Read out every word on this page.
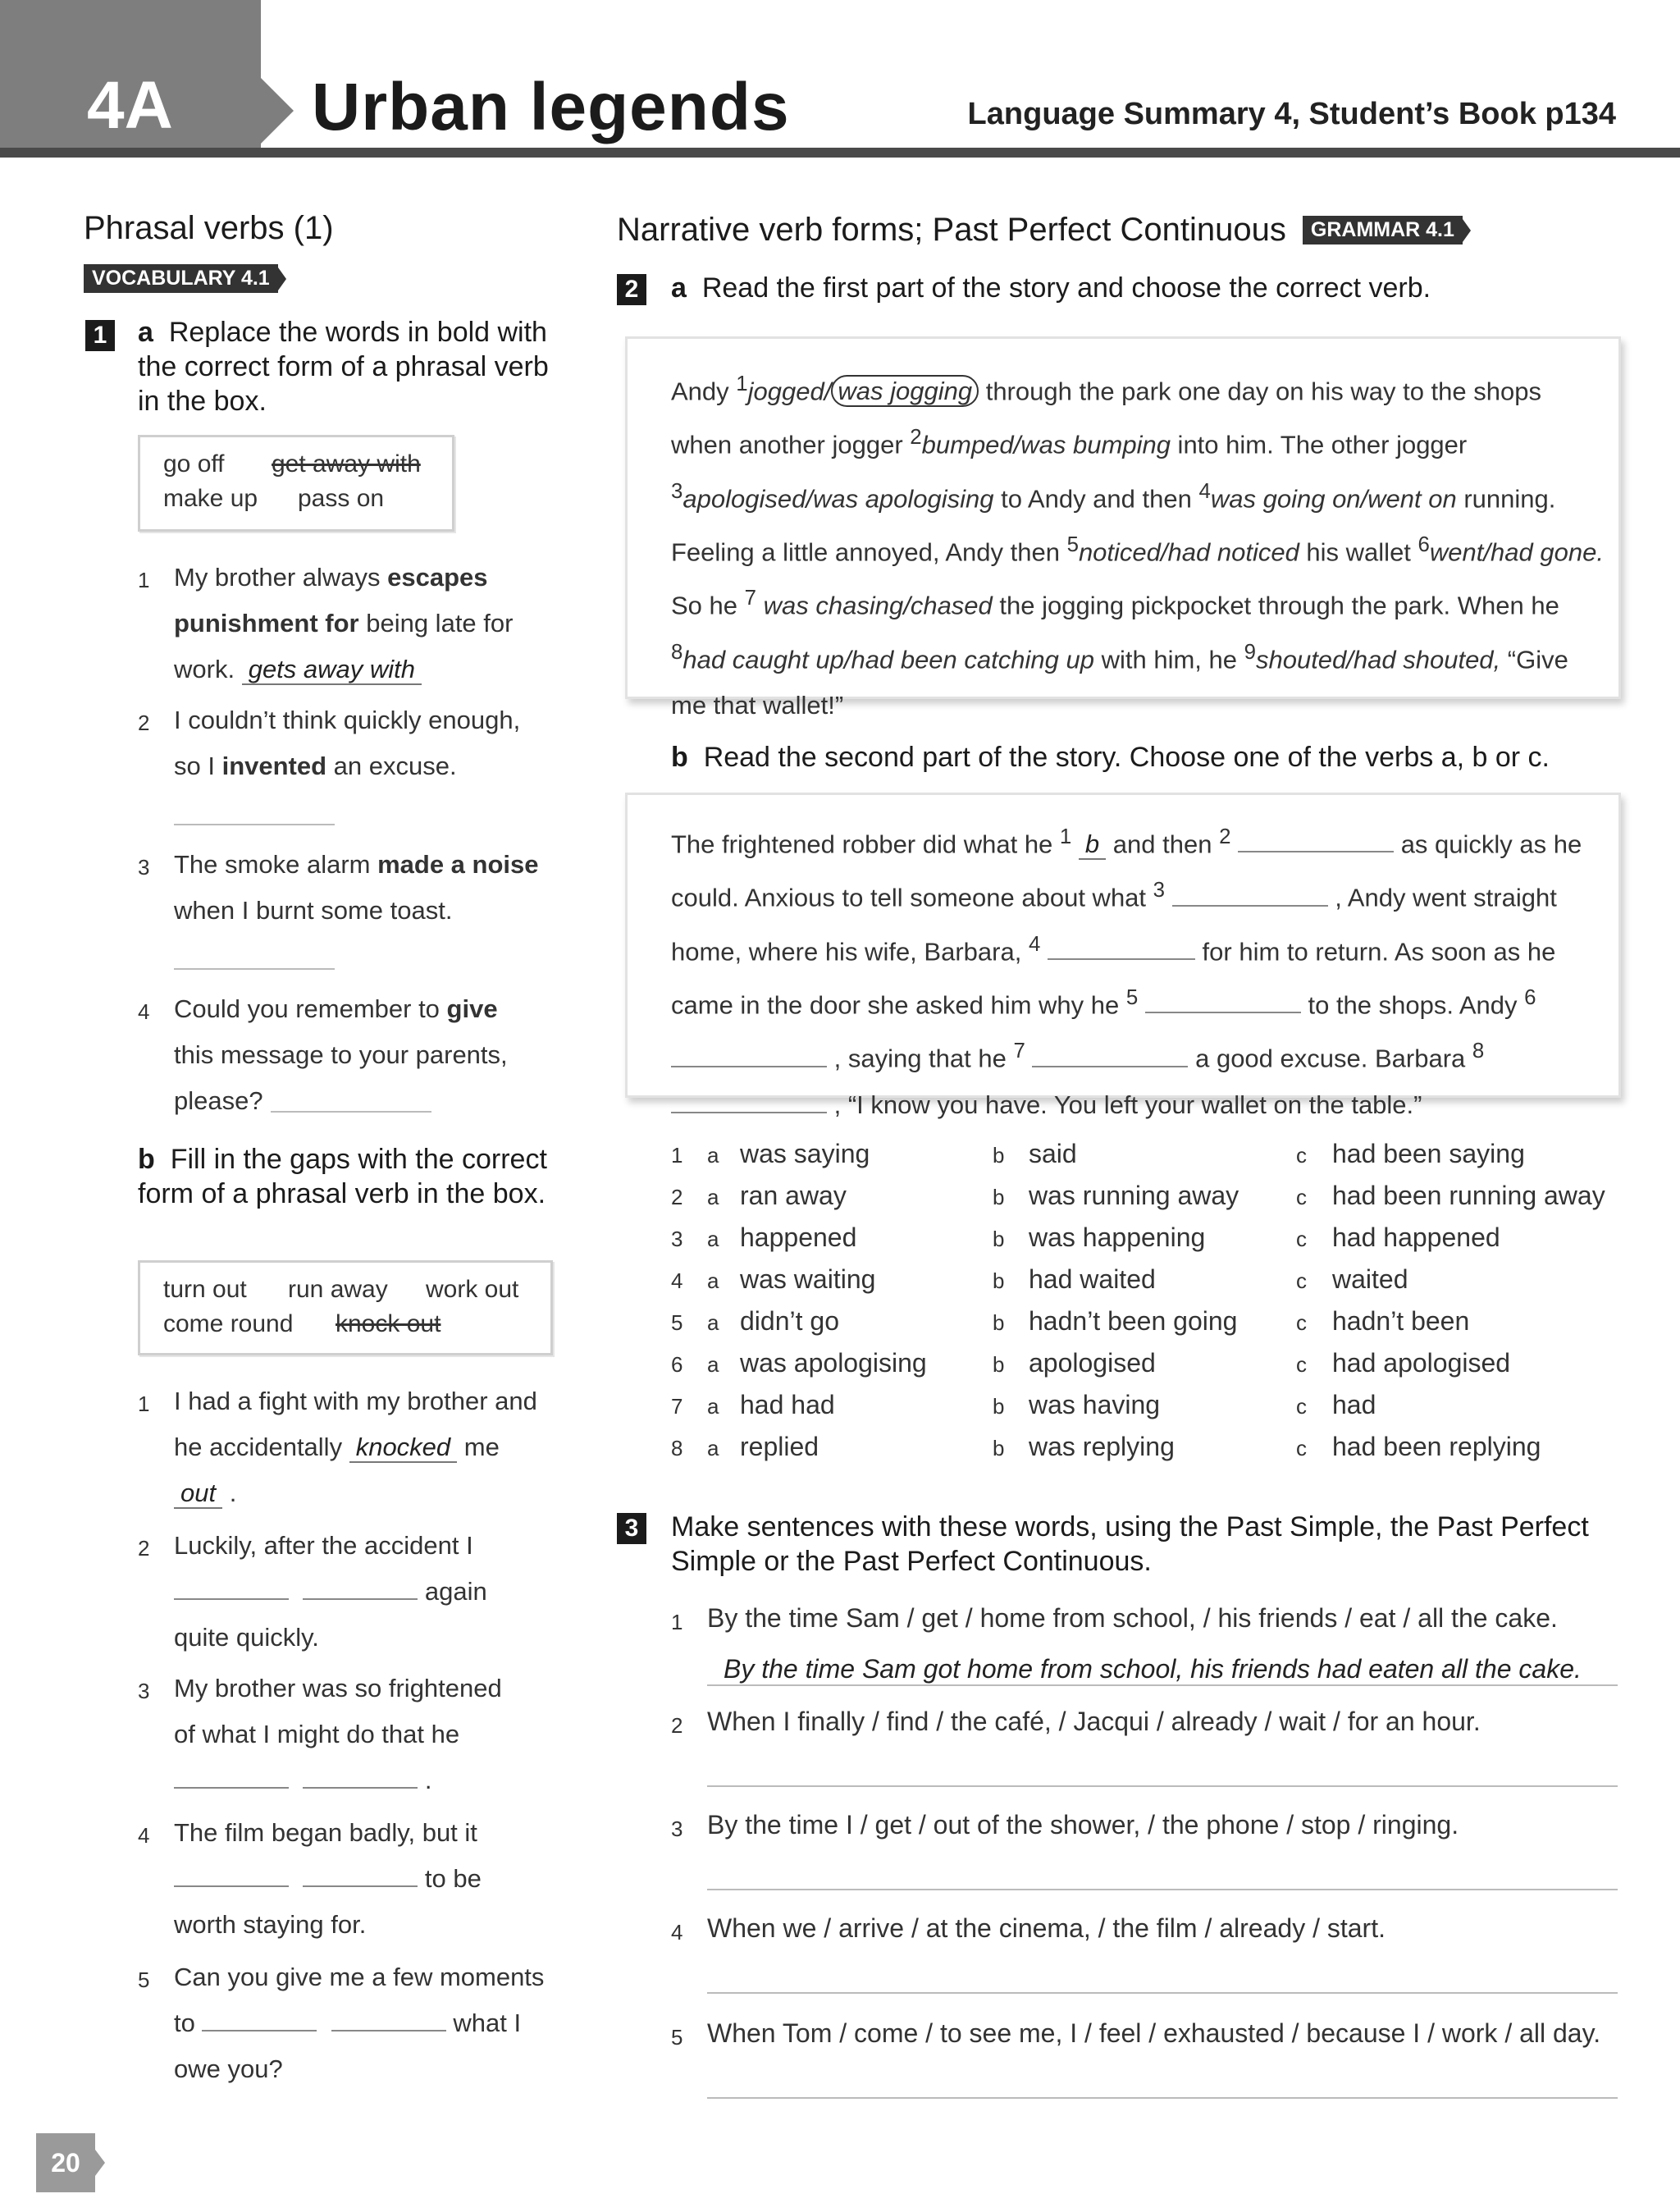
4A Urban legends	Language Summary 4, Student’s Book p134
Phrasal verbs (1)
VOCABULARY 4.1
1 a Replace the words in bold with the correct form of a phrasal verb in the box.
go off get away with
make up pass on
1 My brother always escapes punishment for being late for work. gets away with
2 I couldn’t think quickly enough, so I invented an excuse.
3 The smoke alarm made a noise when I burnt some toast.
4 Could you remember to give this message to your parents, please?
b Fill in the gaps with the correct form of a phrasal verb in the box.
turn out run away work out
come round knock out
1 I had a fight with my brother and he accidentally knocked me out .
2 Luckily, after the accident I
again
quite quickly.
3 My brother was so frightened
of what I might do that he
.
4 The film began badly, but it
to be
worth staying for.
5 Can you give me a few moments
to	what I
owe you?
Narrative verb forms; Past Perfect Continuous	GRAMMAR 4.1
2 a Read the first part of the story and choose the correct verb.
Andy $^1$jogged/ was jogging through the park one day on his way to the shops when another jogger $^2$bumped/was bumping into him. The other jogger $^3$apologised/was apologising to Andy and then $^4$was going on/went on running. Feeling a little annoyed, Andy then $^5$noticed/had noticed his wallet $^6$went/had gone. So he $^7$ was chasing/chased the jogging pickpocket through the park. When he $^8$had caught up/had been catching up with him, he $^9$shouted/had shouted, “Give me that wallet!”
b Read the second part of the story. Choose one of the verbs a, b or c.
The frightened robber did what he $^1$ b and then $^2$	as quickly as he could. Anxious to tell someone about what $^3$	, Andy went straight home, where his wife, Barbara, $^4$	for him to return. As soon as he came in the door she asked him why he $^5$	to the shops. Andy $^6$  , saying that he $^7$	a good excuse. Barbara $^8$  , “I know you have. You left your wallet on the table.”
1	a was saying	b said	c had been saying
2	a ran away	b was running away	c had been running away
3	a happened	b was happening	c had happened
4	a was waiting	b had waited	c waited
5	a didn’t go	b hadn’t been going	c hadn’t been
6	a was apologising	b apologised	c had apologised
7	a had had	b was having	c had
8	a replied	b was replying	c had been replying
3 Make sentences with these words, using the Past Simple, the Past Perfect Simple or the Past Perfect Continuous.
1 By the time Sam / get / home from school, / his friends / eat / all the cake.
By the time Sam got home from school, his friends had eaten all the cake.
2 When I finally / find / the café, / Jacqui / already / wait / for an hour.
3 By the time I / get / out of the shower, / the phone / stop / ringing.
4 When we / arrive / at the cinema, / the film / already / start.
5 When Tom / come / to see me, I / feel / exhausted / because I / work / all day.
20
